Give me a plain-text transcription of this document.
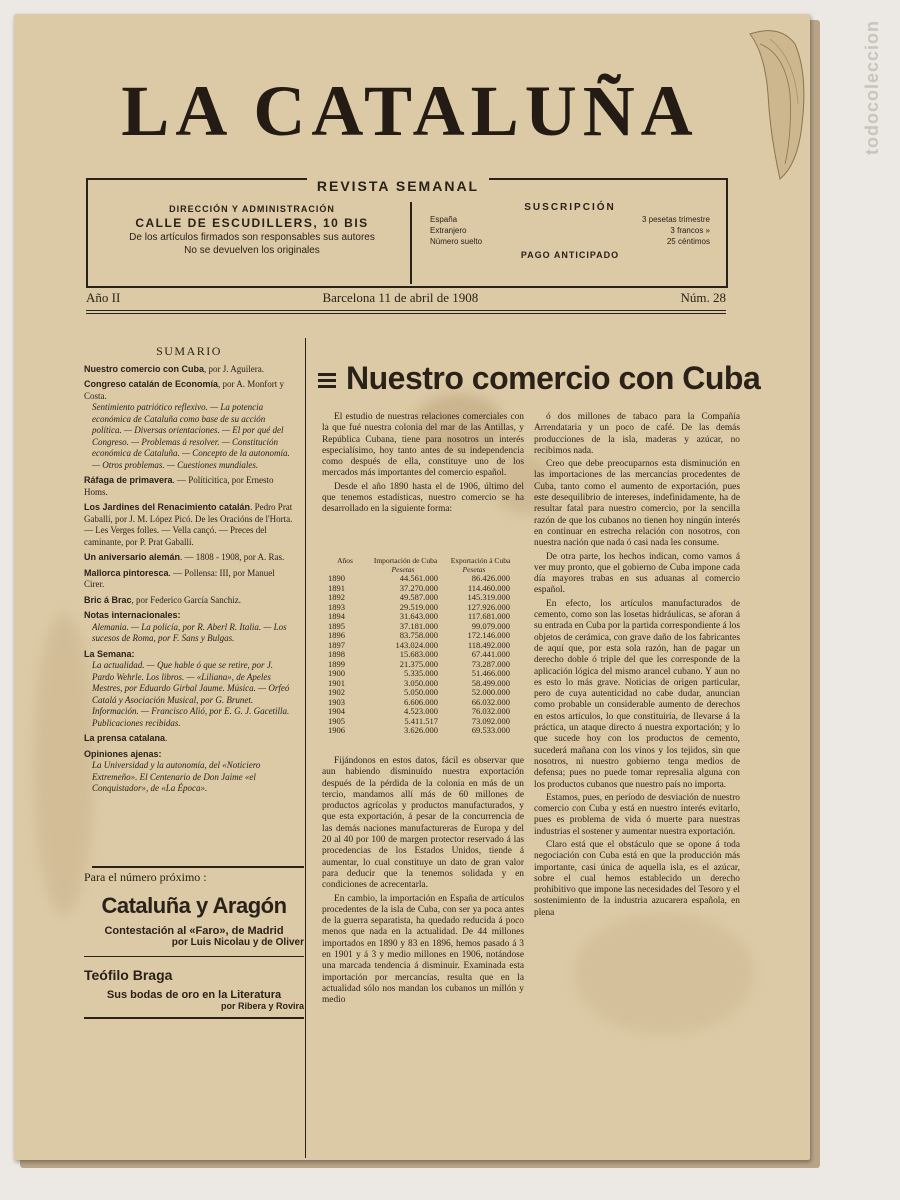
todocoleccion
LA CATALUÑA
DIRECCIÓN Y ADMINISTRACIÓN
CALLE DE ESCUDILLERS, 10 BIS
De los artículos firmados son responsables sus autores
No se devuelven los originales
SUSCRIPCIÓN
España	3 pesetas trimestre
Extranjero	3 francos »
Número suelto	25 céntimos
PAGO ANTICIPADO
REVISTA SEMANAL
Año II	Barcelona 11 de abril de 1908	Núm. 28
SUMARIO
Nuestro comercio con Cuba, por J. Aguilera.
Congreso catalán de Economía, por A. Monfort y Costa.
Sentimiento patriótico reflexivo. — La potencia económica de Cataluña como base de su acción política. — Diversas orientaciones. — El por qué del Congreso. — Problemas á resolver. — Constitución económica de Cataluña. — Concepto de la autonomía. — Otros problemas. — Cuestiones mundiales.
Ráfaga de primavera. — Políticitica, por Ernesto Homs.
Los Jardines del Renacimiento catalán. Pedro Prat Gaballí, por J. M. López Picó. De les Oracións de l'Horta. — Les Verges folles. — Vella cançó. — Preces del caminante, por P. Prat Gaballí.
Un aniversario alemán. — 1808 - 1908, por A. Ras.
Mallorca pintoresca. — Pollensa: III, por Manuel Cirer.
Bric á Brac, por Federico García Sanchiz.
Notas internacionales:
Alemania. — La policía, por R. Aberl R. Italia. — Los sucesos de Roma, por F. Sans y Bulgas.
La Semana:
La actualidad. — Que hable ó que se retire, por J. Pardo Wehrle. Los libros. — «Liliana», de Apeles Mestres, por Eduardo Girbal Jaume. Música. — Orfeó Catalá y Asociación Musical, por G. Brunet. Información. — Francisco Alió, por E. G. J. Gacetilla. Publicaciones recibidas.
La prensa catalana.
Opiniones ajenas:
La Universidad y la autonomía, del «Noticiero Extremeño». El Centenario de Don Jaime «el Conquistador», de «La Época».
Para el número próximo :
Cataluña y Aragón
Contestación al «Faro», de Madrid
por Luis Nicolau y de Oliver
Teófilo Braga
Sus bodas de oro en la Literatura
por Ribera y Rovira
Nuestro comercio con Cuba

El estudio de nuestras relaciones comerciales con la que fué nuestra colonia del mar de las Antillas, y República Cubana, tiene para nosotros un interés especialísimo, hoy tanto antes de su independencia como después de ella, constituye uno de los mercados más importantes del comercio español.

Desde el año 1890 hasta el de 1906, último del que tenemos estadísticas, nuestro comercio se ha desarrollado en la siguiente forma:

Años	Importación de Cuba	Exportación á Cuba
Pesetas	Pesetas
1890	44.561.000	86.426.000
1891	37.270.000	114.460.000
1892	49.587.000	145.319.000
1893	29.519.000	127.926.000
1894	31.643.000	117.681.000
1895	37.181.000	99.079.000
1896	83.758.000	172.146.000
1897	143.024.000	118.492.000
1898	15.683.000	67.441.000
1899	21.375.000	73.287.000
1900	5.335.000	51.466.000
1901	3.050.000	58.499.000
1902	5.050.000	52.000.000
1903	6.606.000	66.032.000
1904	4.523.000	76.032.000
1905	5.411.517	73.092.000
1906	3.626.000	69.533.000

Fijándonos en estos datos, fácil es observar que aun habiendo disminuído nuestra exportación después de la pérdida de la colonia en más de un tercio, mandamos allí más de 60 millones de productos agrícolas y productos manufacturados, y que esta exportación, á pesar de la concurrencia de las demás naciones manufactureras de Europa y del 20 al 40 por 100 de margen protector reservado á las procedencias de los Estados Unidos, tiende á aumentar, lo cual constituye un dato de gran valor para deducir que la tenemos solidada y en condiciones de acrecentarla.

En cambio, la importación en España de artículos procedentes de la isla de Cuba, con ser ya poca antes de la guerra separatista, ha quedado reducida á poco menos que nada en la actualidad. De 44 millones importados en 1890 y 83 en 1896, hemos pasado á 3 en 1901 y á 3 y medio millones en 1906, notándose una marcada tendencia á disminuir. Examinada esta importación por mercancías, resulta que en la actualidad sólo nos mandan los cubanos un millón y medio

ó dos millones de tabaco para la Compañía Arrendataria y un poco de café. De las demás producciones de la isla, maderas y azúcar, no recibimos nada.

Creo que debe preocuparnos esta disminución en las importaciones de las mercancías procedentes de Cuba, tanto como el aumento de exportación, pues este desequilibrio de intereses, indefinidamente, ha de resultar fatal para nuestro comercio, por la sencilla razón de que los cubanos no tienen hoy ningún interés en continuar en estrecha relación con nosotros, con nuestra nación que nada ó casi nada les consume.

De otra parte, los hechos indican, como vamos á ver muy pronto, que el gobierno de Cuba impone cada día mayores trabas en sus aduanas al comercio español.

En efecto, los artículos manufacturados de cemento, como son las losetas hidráulicas, se aforan á su entrada en Cuba por la partida correspondiente á los objetos de cerámica, con grave daño de los fabricantes de aquí que, por esta sola razón, han de pagar un derecho doble ó triple del que les corresponde de la aplicación lógica del mismo arancel cubano. Y aun no es esto lo más grave. Noticias de origen particular, pero de cuya autenticidad no cabe dudar, anuncian como probable un considerable aumento de derechos en estos artículos, lo que constituiría, de llevarse á la práctica, un ataque directo á nuestra exportación; y lo que sucede hoy con los productos de cemento, sucederá mañana con los vinos y los tejidos, sin que nosotros, ni nuestro gobierno tenga medios de defensa; pues no puede tomar represalia alguna con los productos cubanos que nuestro país no importa.

Estamos, pues, en período de desviación de nuestro comercio con Cuba y está en nuestro interés evitarlo, pues es problema de vida ó muerte para nuestras industrias el sostener y aumentar nuestra exportación.

Claro está que el obstáculo que se opone á toda negociación con Cuba está en que la producción más importante, casi única de aquella isla, es el azúcar, sobre el cual hemos establecido un derecho prohibitivo que impone las necesidades del Tesoro y el sostenimiento de la industria azucarera española, en plena
